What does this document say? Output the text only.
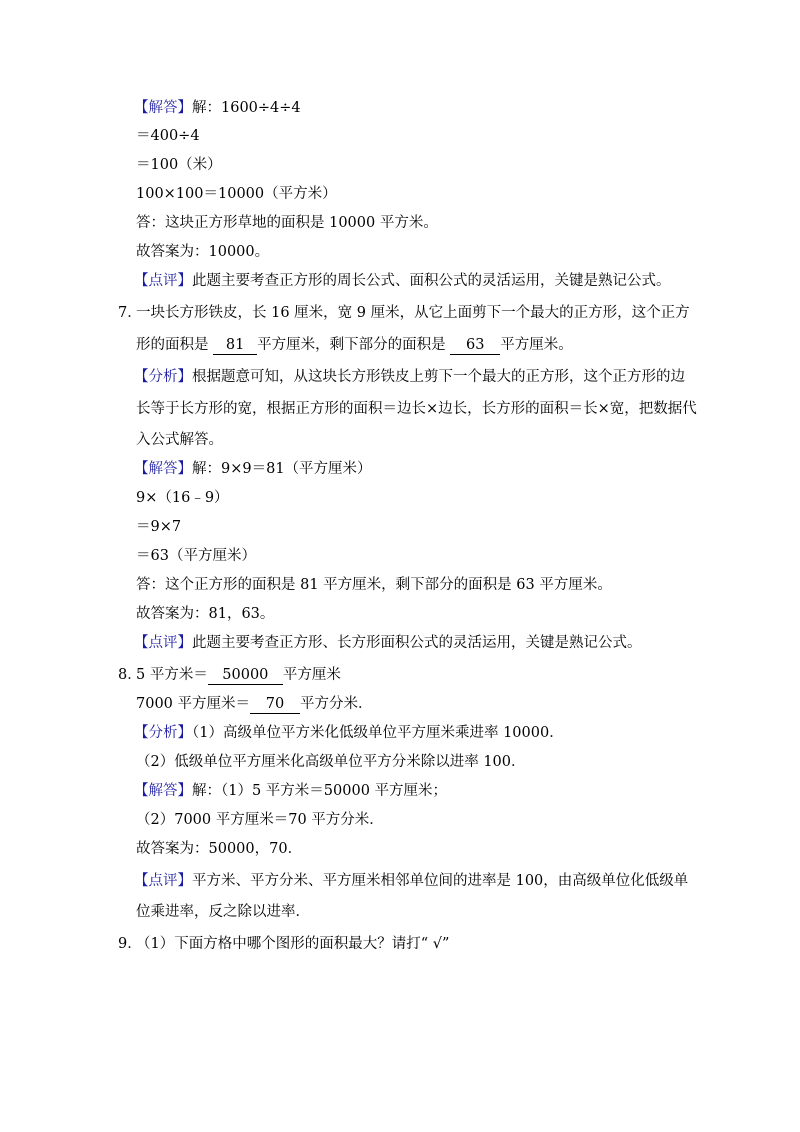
【解答】解：1600÷4÷4
＝400÷4
＝100（米）
100×100＝10000（平方米）
答：这块正方形草地的面积是 10000 平方米。
故答案为：10000。
【点评】此题主要考查正方形的周长公式、面积公式的灵活运用，关键是熟记公式。
7．
一块长方形铁皮，长 16 厘米，宽 9 厘米，从它上面剪下一个最大的正方形，这个正方
形的面积是 81 平方厘米，剩下部分的面积是 63 平方厘米。
【分析】根据题意可知，从这块长方形铁皮上剪下一个最大的正方形，这个正方形的边
长等于长方形的宽，根据正方形的面积＝边长×边长，长方形的面积＝长×宽，把数据代
入公式解答。
【解答】解：9×9＝81（平方厘米）
9×（16﹣9）
＝9×7
＝63（平方厘米）
答：这个正方形的面积是 81 平方厘米，剩下部分的面积是 63 平方厘米。
故答案为：81，63。
【点评】此题主要考查正方形、长方形面积公式的灵活运用，关键是熟记公式。
8．
5 平方米＝ 50000 平方厘米
7000 平方厘米＝ 70 平方分米．
【分析】（1）高级单位平方米化低级单位平方厘米乘进率 10000．
（2）低级单位平方厘米化高级单位平方分米除以进率 100．
【解答】解：（1）5 平方米＝50000 平方厘米；
（2）7000 平方厘米＝70 平方分米．
故答案为：50000，70．
【点评】平方米、平方分米、平方厘米相邻单位间的进率是 100，由高级单位化低级单
位乘进率，反之除以进率．
9．
（1）下面方格中哪个图形的面积最大？请打“ √”
